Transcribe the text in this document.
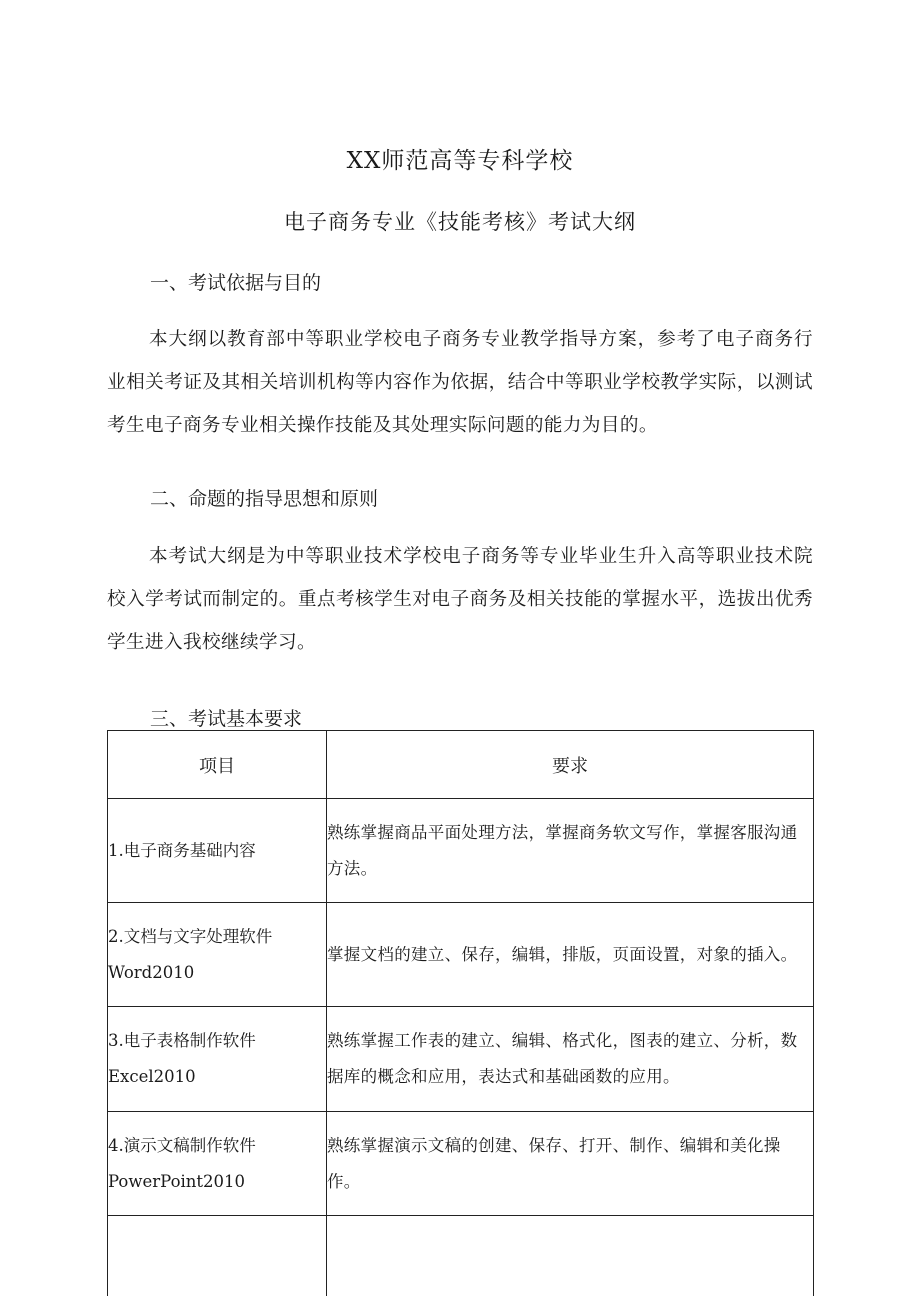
XX师范高等专科学校
电子商务专业《技能考核》考试大纲
一、考试依据与目的

本大纲以教育部中等职业学校电子商务专业教学指导方案，参考了电子商务行业相关考证及其相关培训机构等内容作为依据，结合中等职业学校教学实际，以测试考生电子商务专业相关操作技能及其处理实际问题的能力为目的。

二、命题的指导思想和原则

本考试大纲是为中等职业技术学校电子商务等专业毕业生升入高等职业技术院校入学考试而制定的。重点考核学生对电子商务及相关技能的掌握水平，选拔出优秀学生进入我校继续学习。

三、考试基本要求
项目	要求

1.电子商务基础内容	熟练掌握商品平面处理方法，掌握商务软文写作，掌握客服沟通方法。

2.文档与文字处理软件
Word2010	掌握文档的建立、保存，编辑，排版，页面设置，对象的插入。

3.电子表格制作软件
Excel2010	熟练掌握工作表的建立、编辑、格式化，图表的建立、分析，数据库的概念和应用，表达式和基础函数的应用。

4.演示文稿制作软件
PowerPoint2010	熟练掌握演示文稿的创建、保存、打开、制作、编辑和美化操作。
